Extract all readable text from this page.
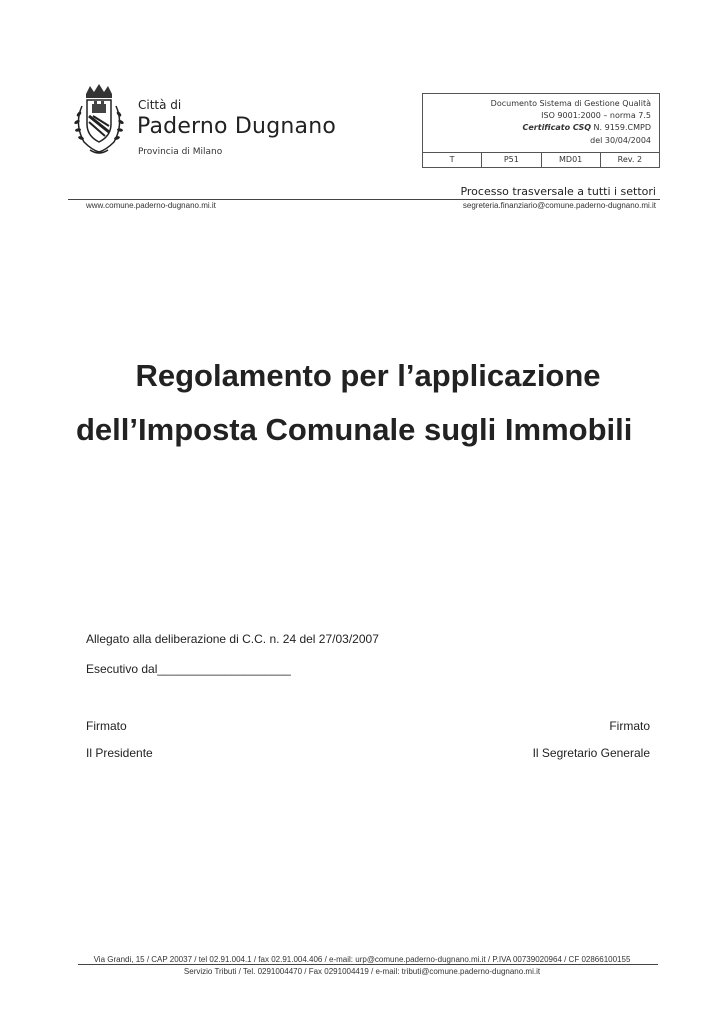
Città di
Paderno Dugnano
Provincia di Milano
Documento Sistema di Gestione Qualità
ISO 9001:2000 – norma 7.5
Certificato CSQ N. 9159.CMPD
del 30/04/2004
T	P51	MD01	Rev. 2
Processo trasversale a tutti i settori
www.comune.paderno-dugnano.mi.it	segreteria.finanziario@comune.paderno-dugnano.mi.it
Regolamento per l’applicazione
dell’Imposta Comunale sugli Immobili
Allegato alla deliberazione di C.C. n. 24 del 27/03/2007
Esecutivo dal____________________
Firmato	Firmato
Il Presidente	Il Segretario Generale
Via Grandi, 15 / CAP 20037 / tel 02.91.004.1 / fax 02.91.004.406 / e-mail: urp@comune.paderno-dugnano.mi.it / P.IVA 00739020964 / CF 02866100155
Servizio Tributi / Tel. 0291004470 / Fax 0291004419 / e-mail: tributi@comune.paderno-dugnano.mi.it
